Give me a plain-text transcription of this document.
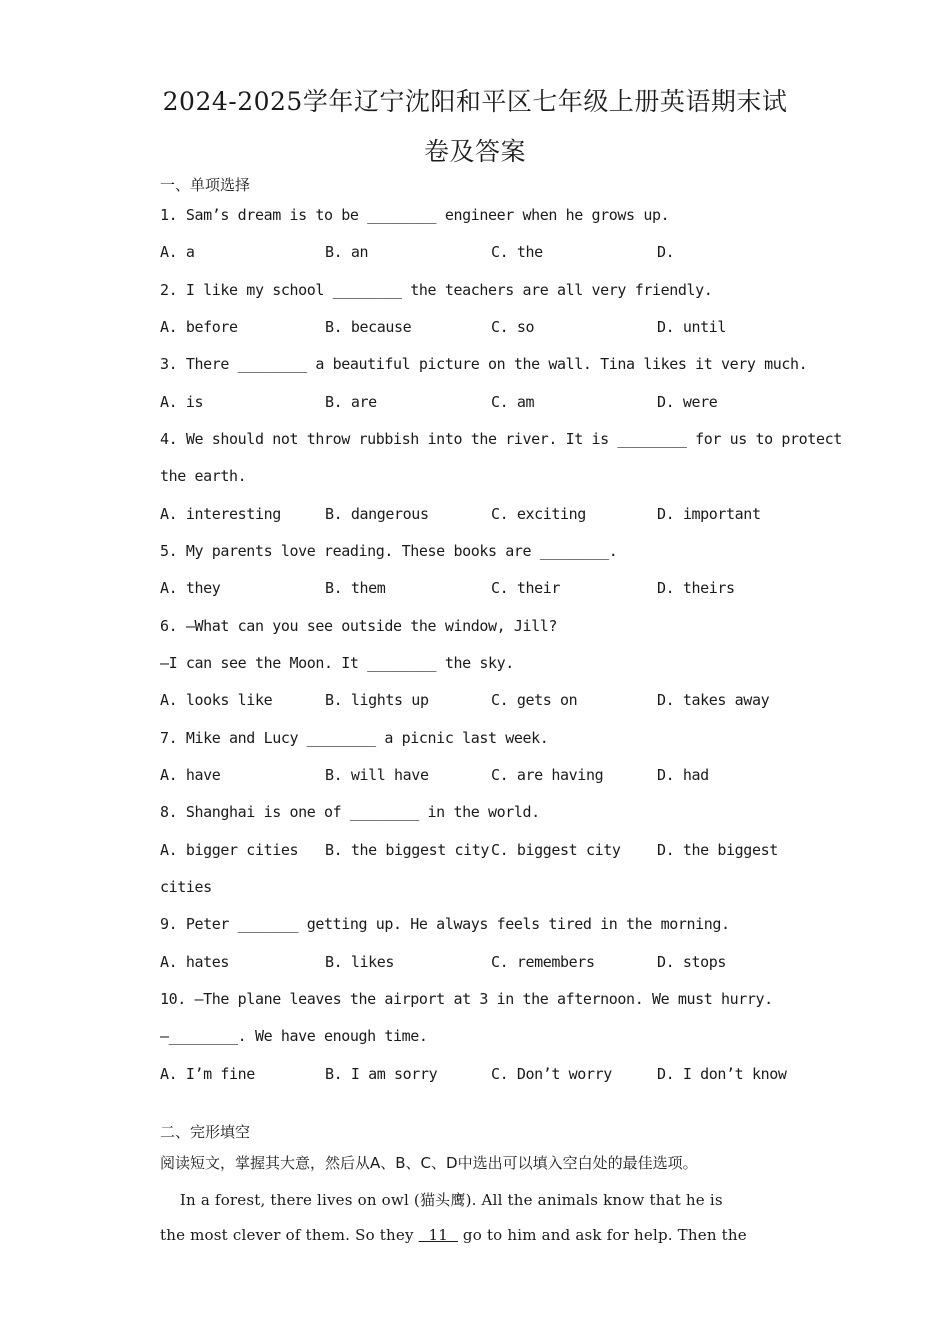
2024-2025学年辽宁沈阳和平区七年级上册英语期末试
卷及答案
一、单项选择
1. Sam’s dream is to be ________ engineer when he grows up.
A. a	B. an	C. the	D.
2. I like my school ________ the teachers are all very friendly.
A. before	B. because	C. so	D. until
3. There ________ a beautiful picture on the wall. Tina likes it very much.
A. is	B. are	C. am	D. were
4. We should not throw rubbish into the river. It is ________ for us to protect
the earth.
A. interesting	B. dangerous	C. exciting	D. important
5. My parents love reading. These books are ________.
A. they	B. them	C. their	D. theirs
6. —What can you see outside the window, Jill?
—I can see the Moon. It ________ the sky.
A. looks like	B. lights up	C. gets on	D. takes away
7. Mike and Lucy ________ a picnic last week.
A. have	B. will have	C. are having	D. had
8. Shanghai is one of ________ in the world.
A. bigger cities B. the biggest city C. biggest city D. the biggest
cities
9. Peter _______ getting up. He always feels tired in the morning.
A. hates	B. likes	C. remembers	D. stops
10. —The plane leaves the airport at 3 in the afternoon. We must hurry.
—________. We have enough time.
A. I’m fine	B. I am sorry	C. Don’t worry	D. I don’t know
二、完形填空
阅读短文，掌握其大意，然后从A、B、C、D中选出可以填入空白处的最佳选项。
In a forest, there lives on owl (猫头鹰). All the animals know that he is
the most clever of them. So they   11   go to him and ask for help. Then the
